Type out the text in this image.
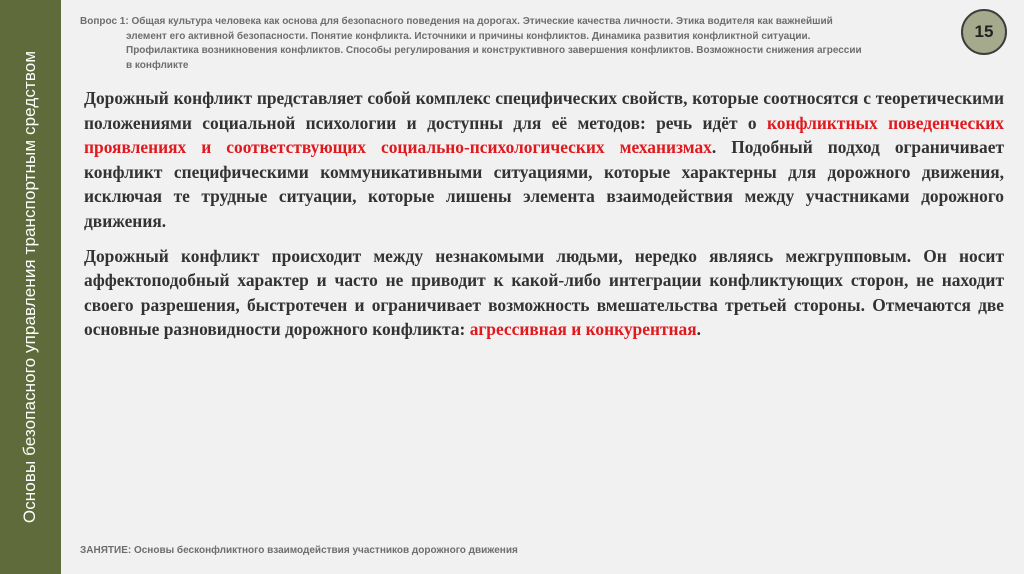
Основы безопасного управления транспортным средством
Вопрос 1: Общая культура человека как основа для безопасного поведения на дорогах. Этические качества личности. Этика водителя как важнейший
элемент его активной безопасности. Понятие конфликта. Источники и причины конфликтов. Динамика развития конфликтной ситуации.
Профилактика возникновения конфликтов. Способы регулирования и конструктивного завершения конфликтов. Возможности снижения агрессии
в конфликте
15

Дорожный конфликт представляет собой комплекс специфических свойств, которые соотносятся с теоретическими положениями социальной психологии и доступны для её методов: речь идёт о конфликтных поведенческих проявлениях и соответствующих социально-психологических механизмах. Подобный подход ограничивает конфликт специфическими коммуникативными ситуациями, которые характерны для дорожного движения, исключая те трудные ситуации, которые лишены элемента взаимодействия между участниками дорожного движения.

Дорожный конфликт происходит между незнакомыми людьми, нередко являясь межгрупповым. Он носит аффектоподобный характер и часто не приводит к какой-либо интеграции конфликтующих сторон, не находит своего разрешения, быстротечен и ограничивает возможность вмешательства третьей стороны. Отмечаются две основные разновидности дорожного конфликта: агрессивная и конкурентная.

ЗАНЯТИЕ: Основы бесконфликтного взаимодействия участников дорожного движения
